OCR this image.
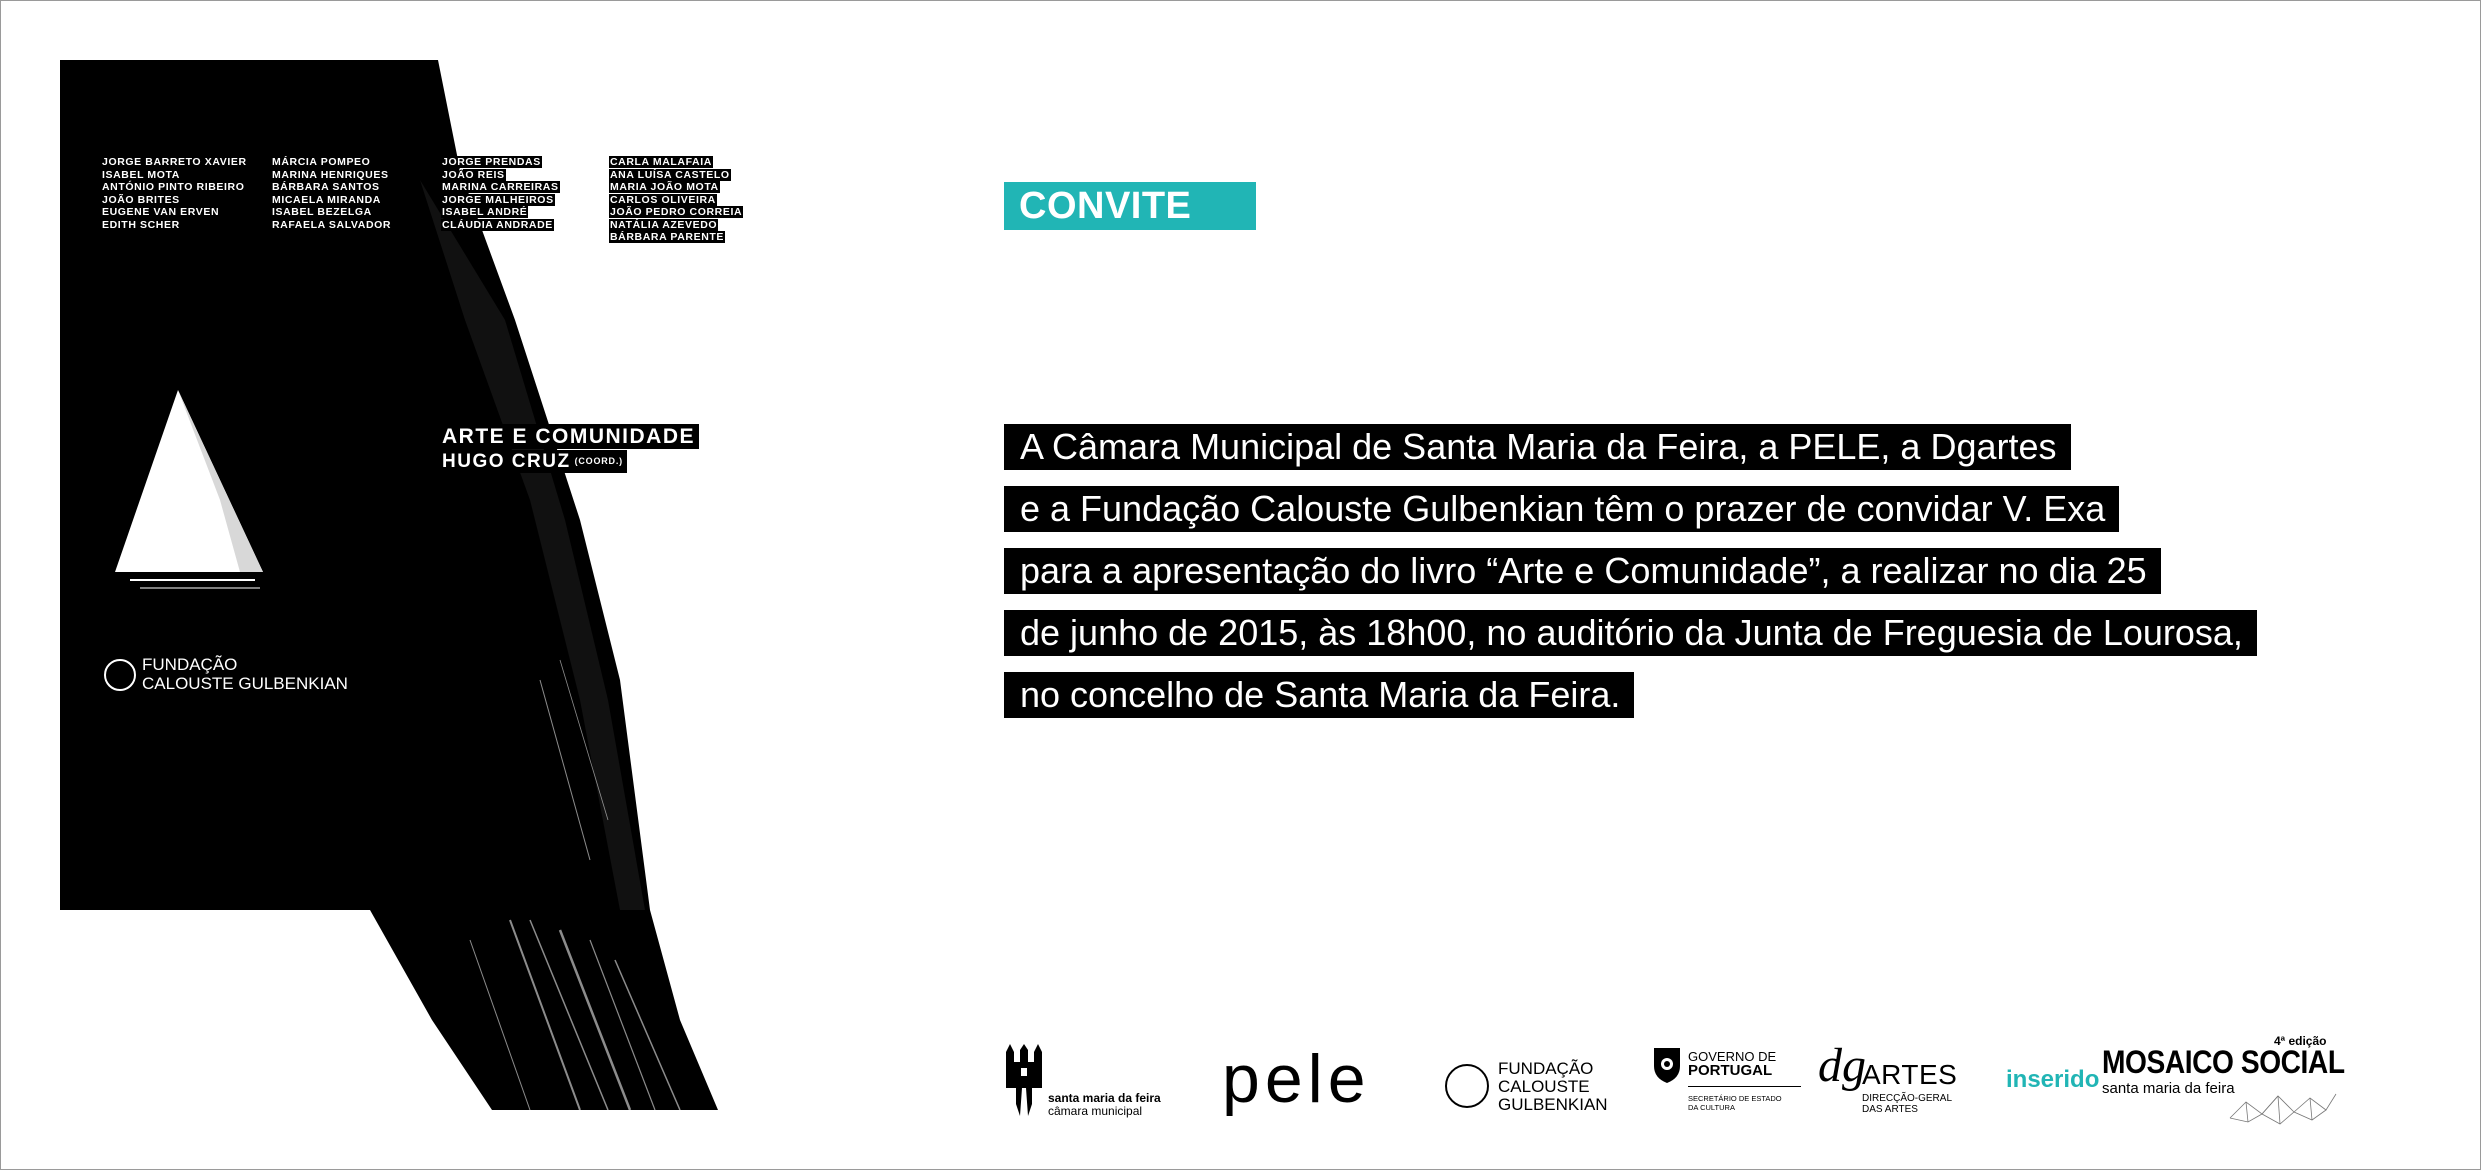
JORGE BARRETO XAVIER
ISABEL MOTA
ANTÓNIO PINTO RIBEIRO
JOÃO BRITES
EUGENE VAN ERVEN
EDITH SCHER
MÁRCIA POMPEO
MARINA HENRIQUES
BÁRBARA SANTOS
MICAELA MIRANDA
ISABEL BEZELGA
RAFAELA SALVADOR
JORGE PRENDAS
JOÃO REIS
MARINA CARREIRAS
JORGE MALHEIROS
ISABEL ANDRÉ
CLÁUDIA ANDRADE
CARLA MALAFAIA
ANA LUÍSA CASTELO
MARIA JOÃO MOTA
CARLOS OLIVEIRA
JOÃO PEDRO CORREIA
NATÁLIA AZEVEDO
BÁRBARA PARENTE
ARTE E COMUNIDADE
HUGO CRUZ (COORD.)
FUNDAÇÃO
CALOUSTE GULBENKIAN
CONVITE
A Câmara Municipal de Santa Maria da Feira, a PELE, a Dgartes
e a Fundação Calouste Gulbenkian têm o prazer de convidar V. Exa
para a apresentação do livro “Arte e Comunidade”, a realizar no dia 25
de junho de 2015, às 18h00, no auditório da Junta de Freguesia de Lourosa,
no concelho de Santa Maria da Feira.
santa maria da feira
câmara municipal pele	FUNDAÇÃO
CALOUSTE
GULBENKIAN
GOVERNO DE
PORTUGAL
SECRETÁRIO DE ESTADO
DA CULTURA
dg
ARTES
DIRECÇÃO-GERAL
DAS ARTES
inserido
4ª edição
MOSAICO SOCIAL
santa maria da feira
